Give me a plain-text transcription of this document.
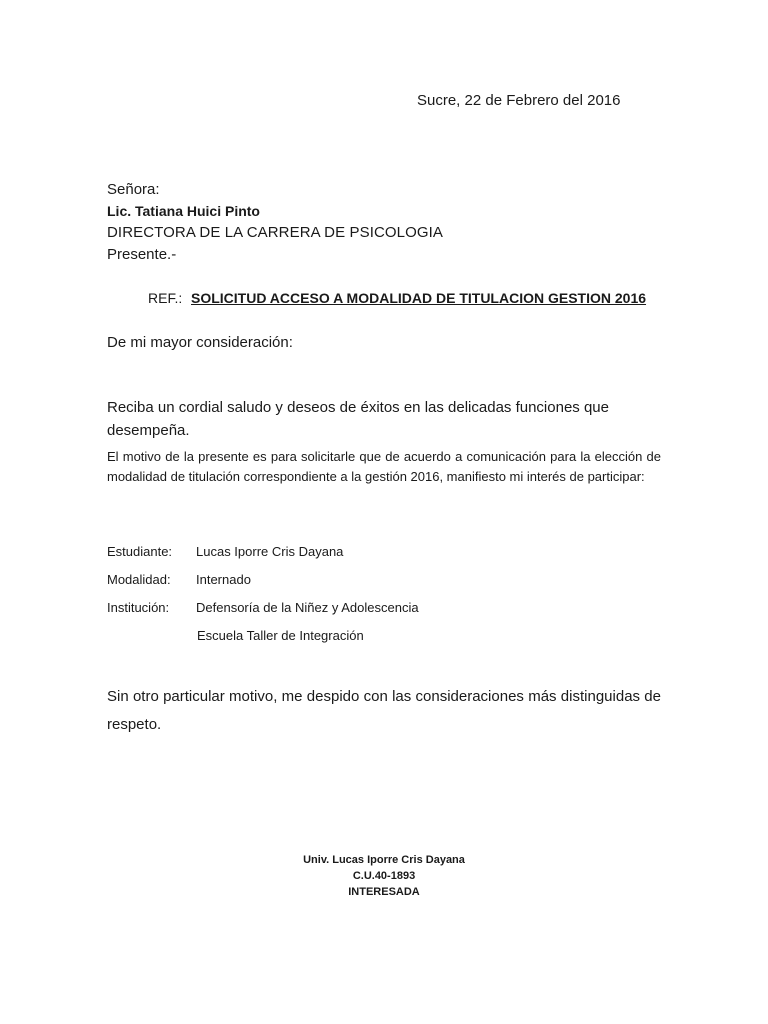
Sucre, 22 de Febrero del 2016
Señora:
Lic. Tatiana Huici Pinto
DIRECTORA DE LA CARRERA DE PSICOLOGIA
Presente.-
REF.: SOLICITUD ACCESO A MODALIDAD DE TITULACION GESTION 2016
De mi mayor consideración:
Reciba un cordial saludo y deseos de éxitos en las delicadas funciones que desempeña.
El motivo de la presente es para solicitarle que de acuerdo a comunicación para la elección de modalidad de titulación correspondiente a la gestión 2016, manifiesto mi interés de participar:
Estudiante: Lucas Iporre Cris Dayana
Modalidad: Internado
Institución: Defensoría de la Niñez y Adolescencia
Escuela Taller de Integración
Sin otro particular motivo, me despido con las consideraciones más distinguidas de respeto.
Univ. Lucas Iporre Cris Dayana
C.U.40-1893
INTERESADA
